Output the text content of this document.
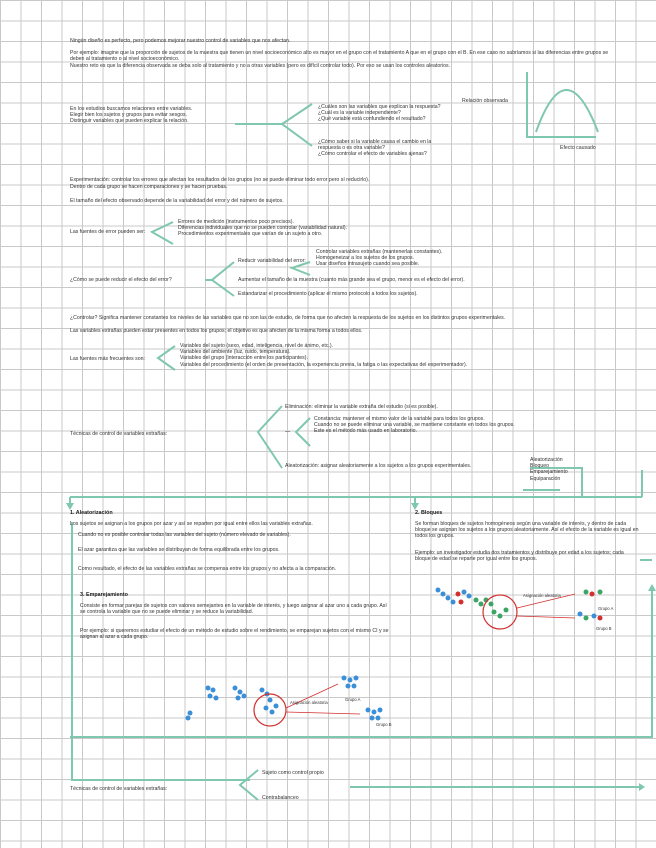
Ningún diseño es perfecto, pero podemos mejorar nuestro control de variables que nos afectan.

Por ejemplo: imagine que la proporción de sujetos de la muestra que tienen un nivel socioeconómico alto es mayor en el grupo con el tratamiento A que en el grupo con el B. En ese caso no sabríamos si las diferencias entre grupos se deben al tratamiento o al nivel socioeconómico.

Nuestro reto es que la diferencia observada se deba solo al tratamiento y no a otras variables (pero es difícil controlar todo). Por eso se usan los controles aleatorios.

En los estudios buscamos relaciones entre variables.
Elegir bien los sujetos y grupos para evitar sesgos.
Distinguir variables que pueden explicar la relación.
¿Cuáles son las variables que explican la respuesta?
¿Cuál es la variable independiente?
¿Qué variable está confundiendo el resultado?
¿Cómo saber si la variable causa el cambio en la respuesta o es otra variable?
¿Cómo controlar el efecto de variables ajenas?
Relación observada
Efecto causado

Experimentación: controlar los errores que afectan los resultados de los grupos (no se puede eliminar todo error pero sí reducirlo).

Dentro de cada grupo se hacen comparaciones y se hacen pruebas.

El tamaño del efecto observado depende de la variabilidad del error y del número de sujetos.

Las fuentes de error pueden ser:
Errores de medición (instrumentos poco precisos).
Diferencias individuales que no se pueden controlar (variabilidad natural).
Procedimientos experimentales que varían de un sujeto a otro.
¿Cómo se puede reducir el efecto del error?
Reducir variabilidad del error:
Controlar variables extrañas (mantenerlas constantes).
Homogeneizar a los sujetos de los grupos.
Usar diseños intrasujeto cuando sea posible.

Aumentar el tamaño de la muestra (cuanto más grande sea el grupo, menor es el efecto del error).

Estandarizar el procedimiento (aplicar el mismo protocolo a todos los sujetos).

¿Controlar? Significa mantener constantes los niveles de las variables que no son las de estudio, de forma que no afecten la respuesta de los sujetos en los distintos grupos experimentales.

Las variables extrañas pueden estar presentes en todos los grupos; el objetivo es que afecten de la misma forma a todos ellos.

Las fuentes más frecuentes son:
Variables del sujeto (sexo, edad, inteligencia, nivel de ánimo, etc.).
Variables del ambiente (luz, ruido, temperatura).
Variables del grupo (interacción entre los participantes).
Variables del procedimiento (el orden de presentación, la experiencia previa, la fatiga o las expectativas del experimentador).
Técnicas de control de variables extrañas:

Eliminación: eliminar la variable extraña del estudio (si es posible).

—

Constancia: mantener el mismo valor de la variable para todos los grupos.
Cuando no se puede eliminar una variable, se mantiene constante en todos los grupos.
Este es el método más usado en laboratorio.

Aleatorización: asignar aleatoriamente a los sujetos a los grupos experimentales.

Aleatorización
Bloqueo
Emparejamiento
Equiparación
1. Aleatorización

Los sujetos se asignan a los grupos por azar y así se reparten por igual entre ellos las variables extrañas.

Cuando no es posible controlar todas las variables del sujeto (número elevado de variables).

El azar garantiza que las variables se distribuyan de forma equilibrada entre los grupos.

Como resultado, el efecto de las variables extrañas se compensa entre los grupos y no afecta a la comparación.

3. Emparejamiento

Consiste en formar parejas de sujetos con valores semejantes en la variable de interés, y luego asignar al azar uno a cada grupo. Así se controla la variable que no se puede eliminar y se reduce la variabilidad.

Por ejemplo: si queremos estudiar el efecto de un método de estudio sobre el rendimiento, se emparejan sujetos con el mismo CI y se asignan al azar a cada grupo.

Asignación aleatoria
Grupo A
Grupo B
2. Bloques

Se forman bloques de sujetos homogéneos según una variable de interés, y dentro de cada bloque se asignan los sujetos a los grupos aleatoriamente. Así el efecto de la variable es igual en todos los grupos.

Ejemplo: un investigador estudia dos tratamientos y distribuye por edad a los sujetos; cada bloque de edad se reparte por igual entre los grupos.

Asignación aleatoria
Grupo A
Grupo B
Técnicas de control de variables extrañas:
Sujeto como control propio
Contrabalanceo
